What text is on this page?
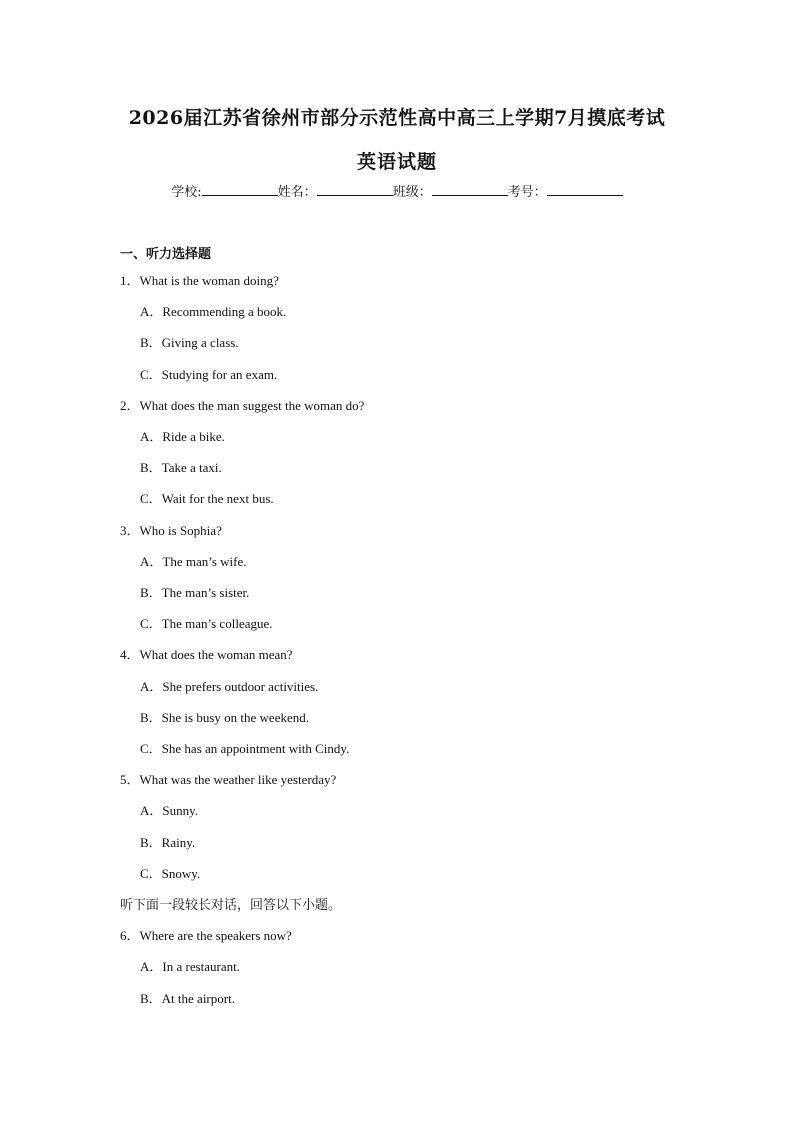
2026届江苏省徐州市部分示范性高中高三上学期7月摸底考试
英语试题
学校:	姓名：	班级：	考号：
一、听力选择题
1．What is the woman doing?
A．Recommending a book.
B．Giving a class.
C．Studying for an exam.
2．What does the man suggest the woman do?
A．Ride a bike.
B．Take a taxi.
C．Wait for the next bus.
3．Who is Sophia?
A．The man’s wife.
B．The man’s sister.
C．The man’s colleague.
4．What does the woman mean?
A．She prefers outdoor activities.
B．She is busy on the weekend.
C．She has an appointment with Cindy.
5．What was the weather like yesterday?
A．Sunny.
B．Rainy.
C．Snowy.
听下面一段较长对话，回答以下小题。
6．Where are the speakers now?
A．In a restaurant.
B．At the airport.
